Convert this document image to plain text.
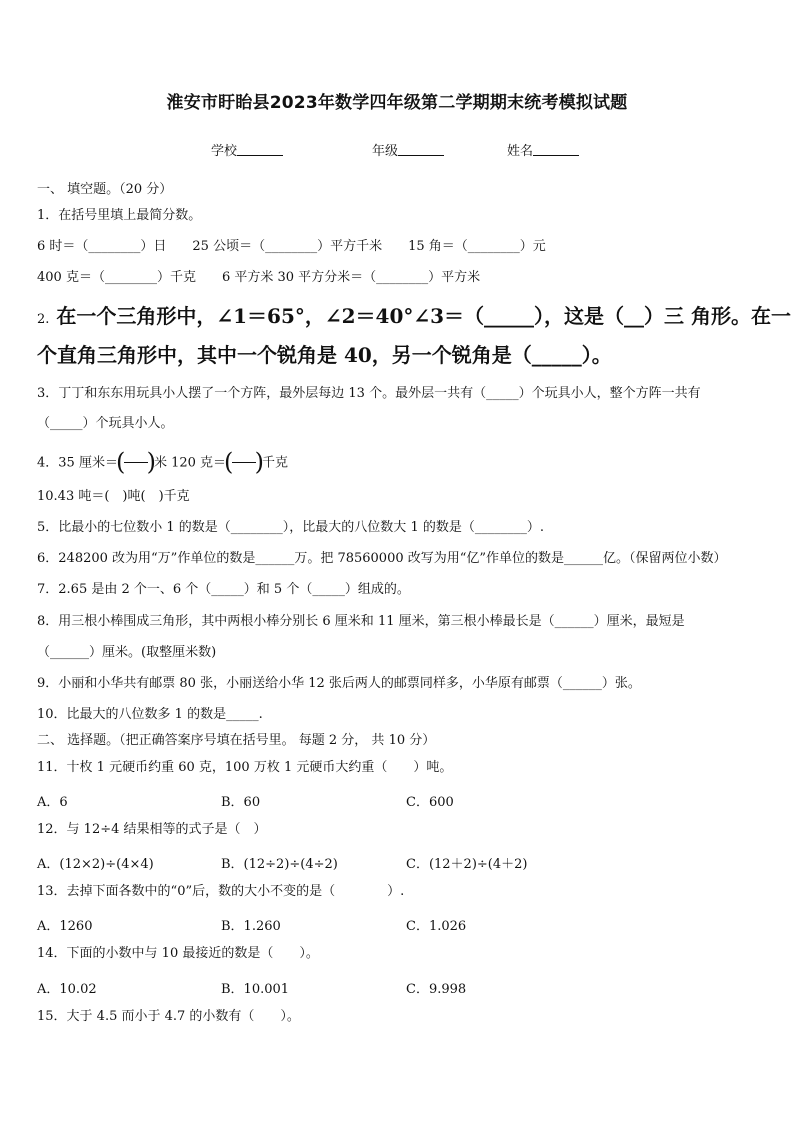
淮安市盱眙县2023年数学四年级第二学期期末统考模拟试题
学校	年级	姓名
一、 填空题。（20 分）
1．在括号里填上最简分数。
6 时＝（________）日　　25 公顷＝（________）平方千米　　15 角＝（________）元
400 克＝（________）千克　　6 平方米 30 平方分米＝（________）平方米
2. 在一个三角形中，∠1＝65°，∠2＝40°∠3＝（_____），这是（__）三 角形。在一
个直角三角形中，其中一个锐角是 40，另一个锐角是（_____）。
3．丁丁和东东用玩具小人摆了一个方阵，最外层每边 13 个。最外层一共有（_____）个玩具小人，整个方阵一共有
（_____）个玩具小人。
4．35 厘米＝
( )
米 120 克＝
( )
千克
10.43 吨＝(　)吨(　)千克
5．比最小的七位数小 1 的数是（________），比最大的八位数大 1 的数是（________）.
6．248200 改为用“万”作单位的数是______万。把 78560000 改写为用“亿”作单位的数是______亿。（保留两位小数）
7．2.65 是由 2 个一、6 个（_____）和 5 个（_____）组成的。
8．用三根小棒围成三角形，其中两根小棒分别长 6 厘米和 11 厘米，第三根小棒最长是（______）厘米，最短是
（______）厘米。(取整厘米数)
9．小丽和小华共有邮票 80 张，小丽送给小华 12 张后两人的邮票同样多，小华原有邮票（______）张。
10．比最大的八位数多 1 的数是_____.
二、 选择题。（把正确答案序号填在括号里。 每题 2 分， 共 10 分）
11．十枚 1 元硬币约重 60 克，100 万枚 1 元硬币大约重（　　）吨。
A．6	B．60	C．600
12．与 12÷4 结果相等的式子是（　）
A．(12×2)÷(4×4)	B．(12÷2)÷(4÷2)	C．(12＋2)÷(4＋2)
13．去掉下面各数中的“0”后，数的大小不变的是（　　　　）.
A．1260	B．1.260	C．1.026
14．下面的小数中与 10 最接近的数是（　　）。
A．10.02	B．10.001	C．9.998
15．大于 4.5 而小于 4.7 的小数有（　　）。
